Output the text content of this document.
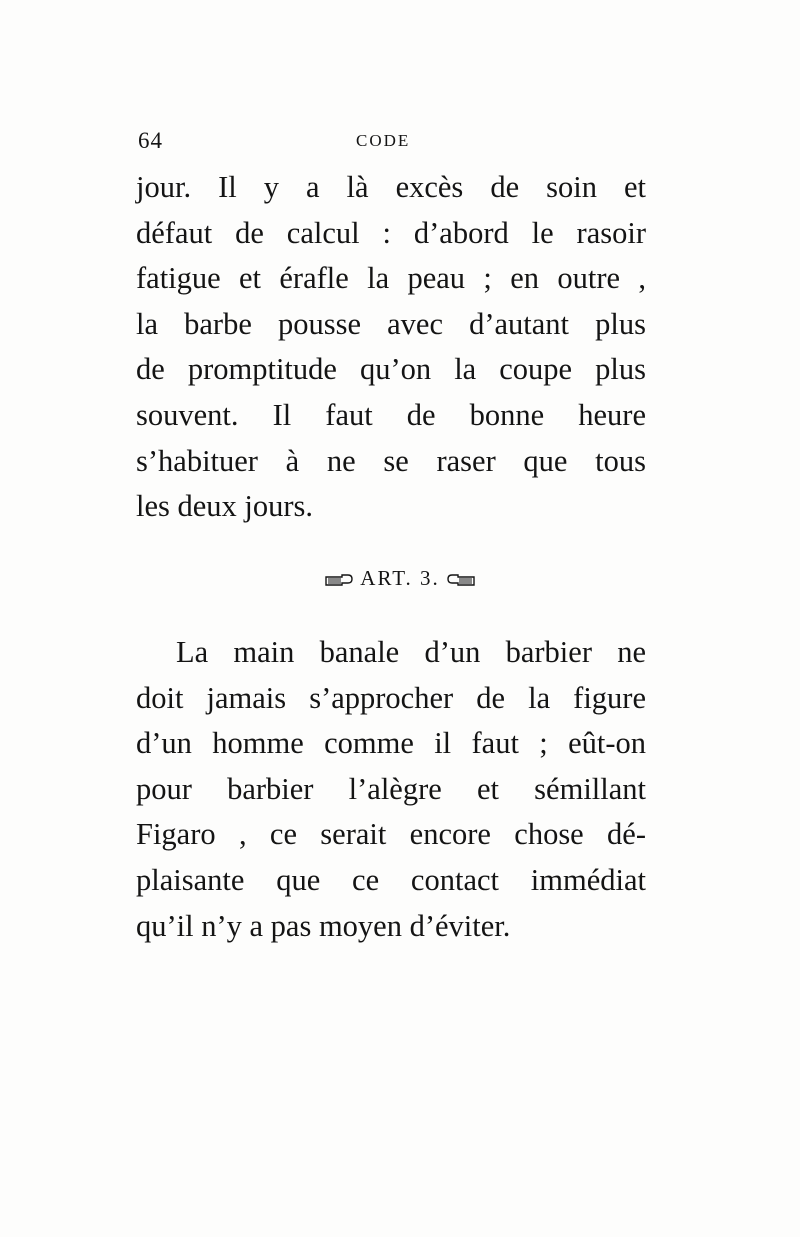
64	CODE
jour. Il y a là excès de soin et
défaut de calcul : d’abord le rasoir
fatigue et érafle la peau ; en outre ,
la barbe pousse avec d’autant plus
de promptitude qu’on la coupe plus
souvent. Il faut de bonne heure
s’habituer à ne se raser que tous
les deux jours.
ART. 3.
La main banale d’un barbier ne
doit jamais s’approcher de la figure
d’un homme comme il faut ; eût-on
pour barbier l’alègre et sémillant
Figaro , ce serait encore chose dé-
plaisante que ce contact immédiat
qu’il n’y a pas moyen d’éviter.
